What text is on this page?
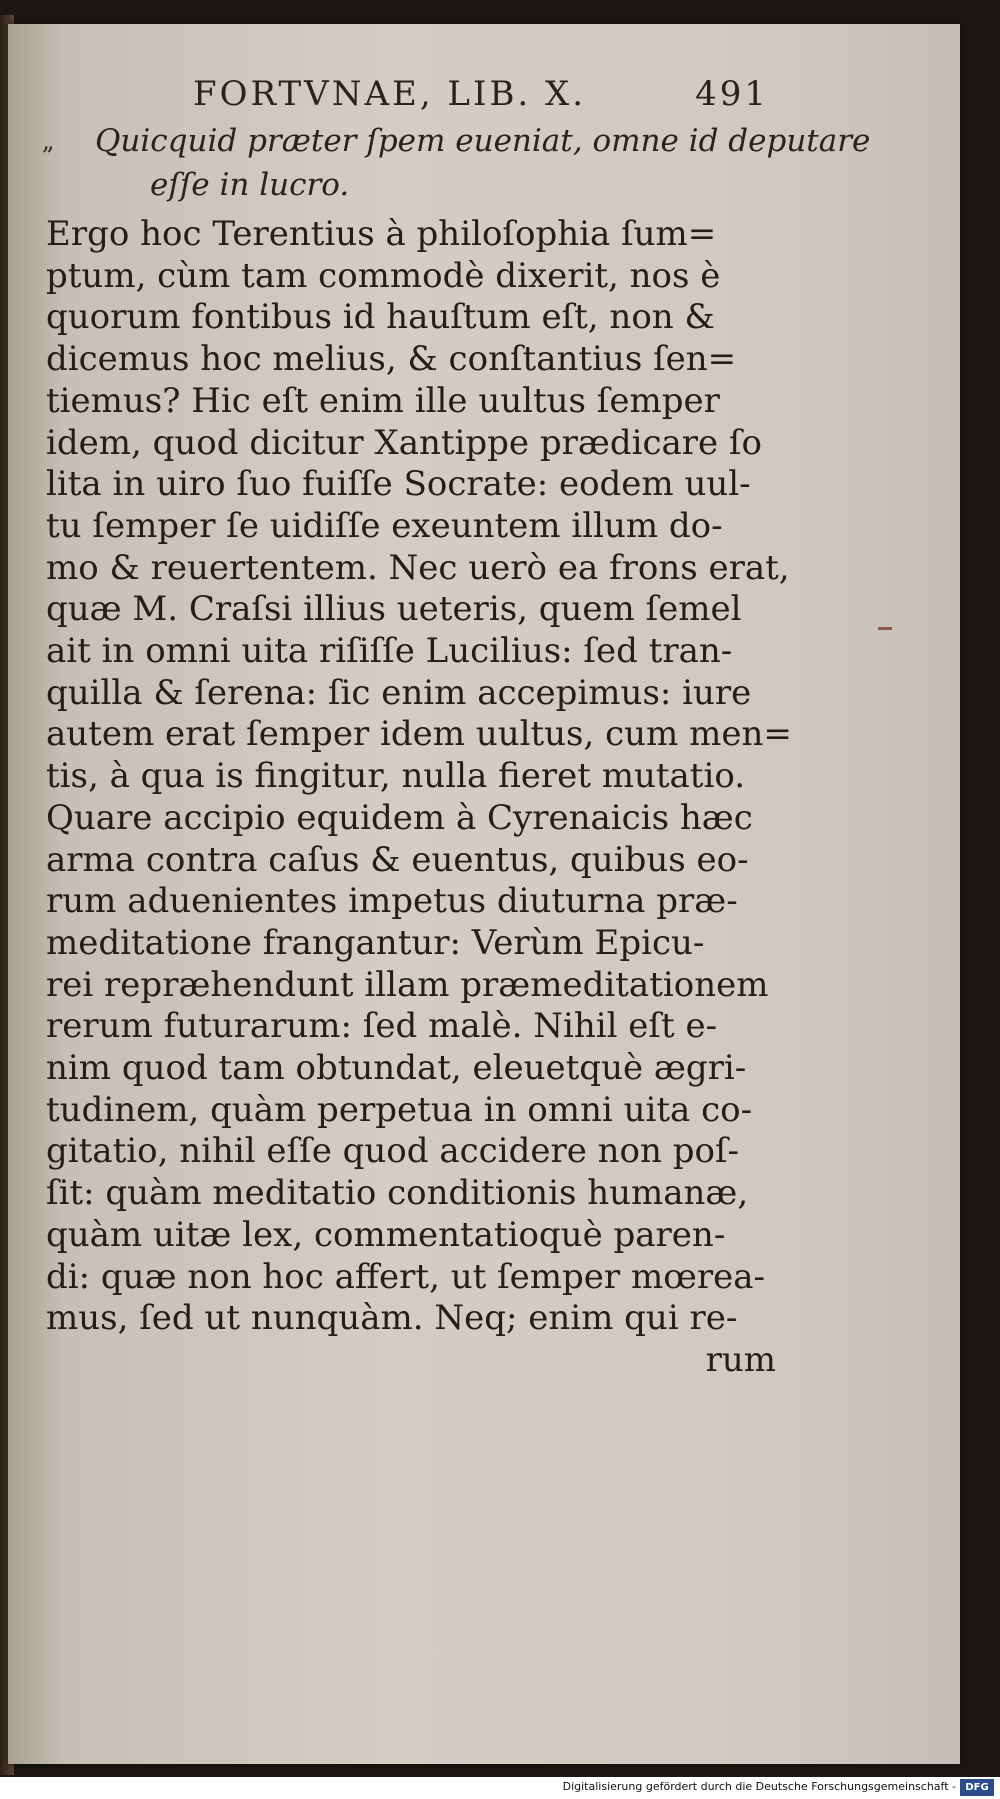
FORTVNAE, LIB. X.	491
„ Quicquid prӕter ſpem eueniat, omne id deputare
eſſe in lucro.
Ergo hoc Terentius à philoſophia ſum=
ptum, cùm tam commodè dixerit, nos è
quorum fontibus id hauſtum eſt, non &
dicemus hoc melius, & conſtantius ſen=
tiemus? Hic eſt enim ille uultus ſemper
idem, quod dicitur Xantippe prædicare ſo
lita in uiro ſuo fuiſſe Socrate: eodem uul-
tu ſemper ſe uidiſſe exeuntem illum do-
mo & reuertentem. Nec uerò ea frons erat,
quæ M. Craſsi illius ueteris, quem ſemel
ait in omni uita riſiſſe Lucilius: ſed tran-
quilla & ſerena: ſic enim accepimus: iure
autem erat ſemper idem uultus, cum men=
tis, à qua is fingitur, nulla fieret mutatio.
Quare accipio equidem à Cyrenaicis hæc
arma contra caſus & euentus, quibus eo-
rum aduenientes impetus diuturna præ-
meditatione frangantur: Verùm Epicu-
rei repræhendunt illam præmeditationem
rerum futurarum: ſed malè. Nihil eſt e-
nim quod tam obtundat, eleuetquè ægri-
tudinem, quàm perpetua in omni uita co-
gitatio, nihil eſſe quod accidere non poſ-
ſit: quàm meditatio conditionis humanæ,
quàm uitæ lex, commentatioquè paren-
di: quæ non hoc affert, ut ſemper mœrea-
mus, ſed ut nunquàm. Neq; enim qui re-
rum
Digitalisierung gefördert durch die Deutsche Forschungsgemeinschaft - DFG
